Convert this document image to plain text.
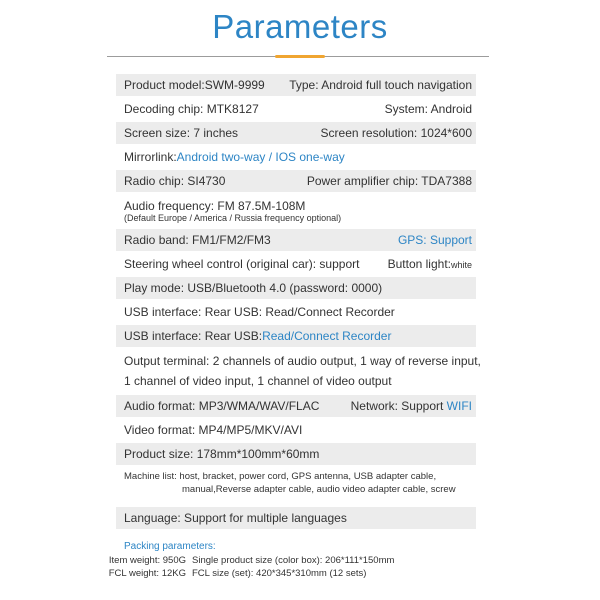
Parameters
Product model:SWM-9999 Type: Android full touch navigation
Decoding chip: MTK8127	System: Android
Screen size: 7 inches	Screen resolution: 1024*600
Mirrorlink: Android two-way / IOS one-way
Radio chip: SI4730	Power amplifier chip: TDA7388
Audio frequency: FM 87.5M-108M
(Default Europe / America / Russia frequency optional)
Radio band: FM1/FM2/FM3	GPS: Support
Steering wheel control (original car): support Button light:white
Play mode: USB/Bluetooth 4.0 (password: 0000)
USB interface: Rear USB: Read/Connect Recorder
USB interface: Rear USB: Read/Connect Recorder
Output terminal: 2 channels of audio output, 1 way of reverse input,
1 channel of video input, 1 channel of video output
Audio format: MP3/WMA/WAV/FLAC	Network: Support WIFI
Video format: MP4/MP5/MKV/AVI
Product size: 178mm*100mm*60mm
Machine list: host, bracket, power cord, GPS antenna, USB adapter cable,
manual,Reverse adapter cable, audio video adapter cable, screw
Language: Support for multiple languages
Packing parameters:
Item weight: 950G Single product size (color box): 206*111*150mm
FCL weight: 12KG FCL size (set): 420*345*310mm (12 sets)
